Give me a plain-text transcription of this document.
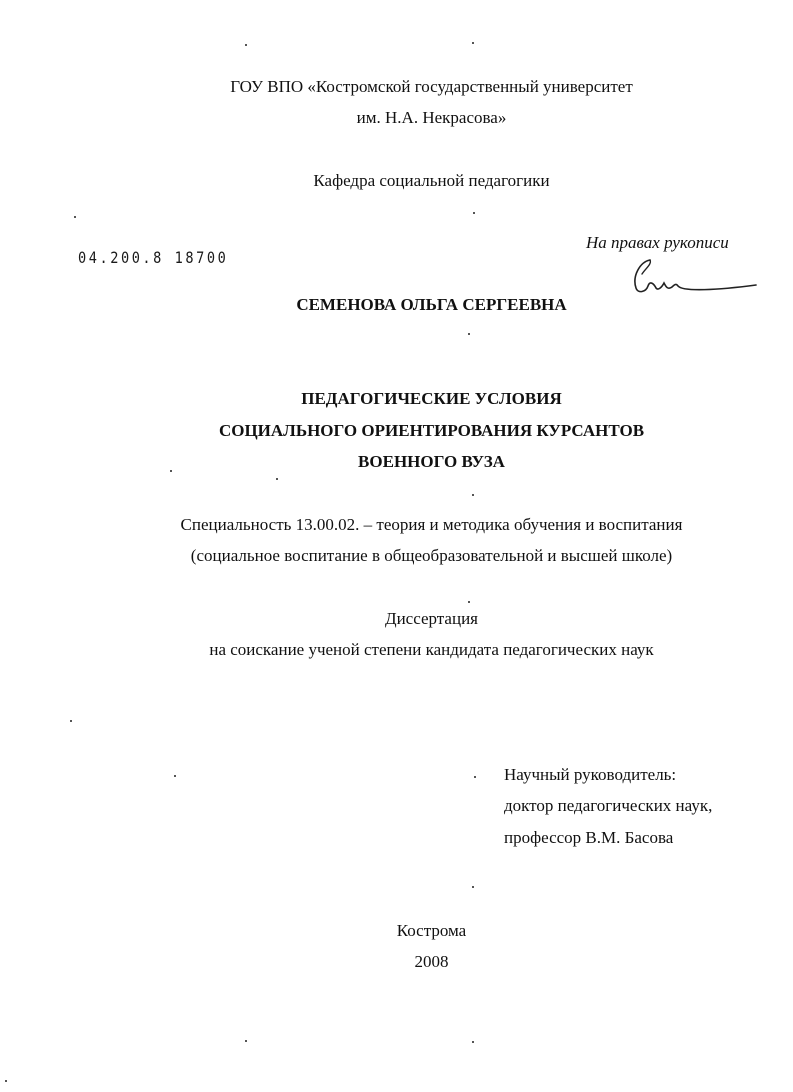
ГОУ ВПО «Костромской государственный университет
им. Н.А. Некрасова»
Кафедра социальной педагогики
На правах рукописи
04.200.8 18700
СЕМЕНОВА ОЛЬГА СЕРГЕЕВНА
ПЕДАГОГИЧЕСКИЕ УСЛОВИЯ
СОЦИАЛЬНОГО ОРИЕНТИРОВАНИЯ КУРСАНТОВ
ВОЕННОГО ВУЗА
Специальность 13.00.02. – теория и методика обучения и воспитания
(социальное воспитание в общеобразовательной и высшей школе)
Диссертация
на соискание ученой степени кандидата педагогических наук
Научный руководитель:
доктор педагогических наук,
профессор В.М. Басова
Кострома
2008
